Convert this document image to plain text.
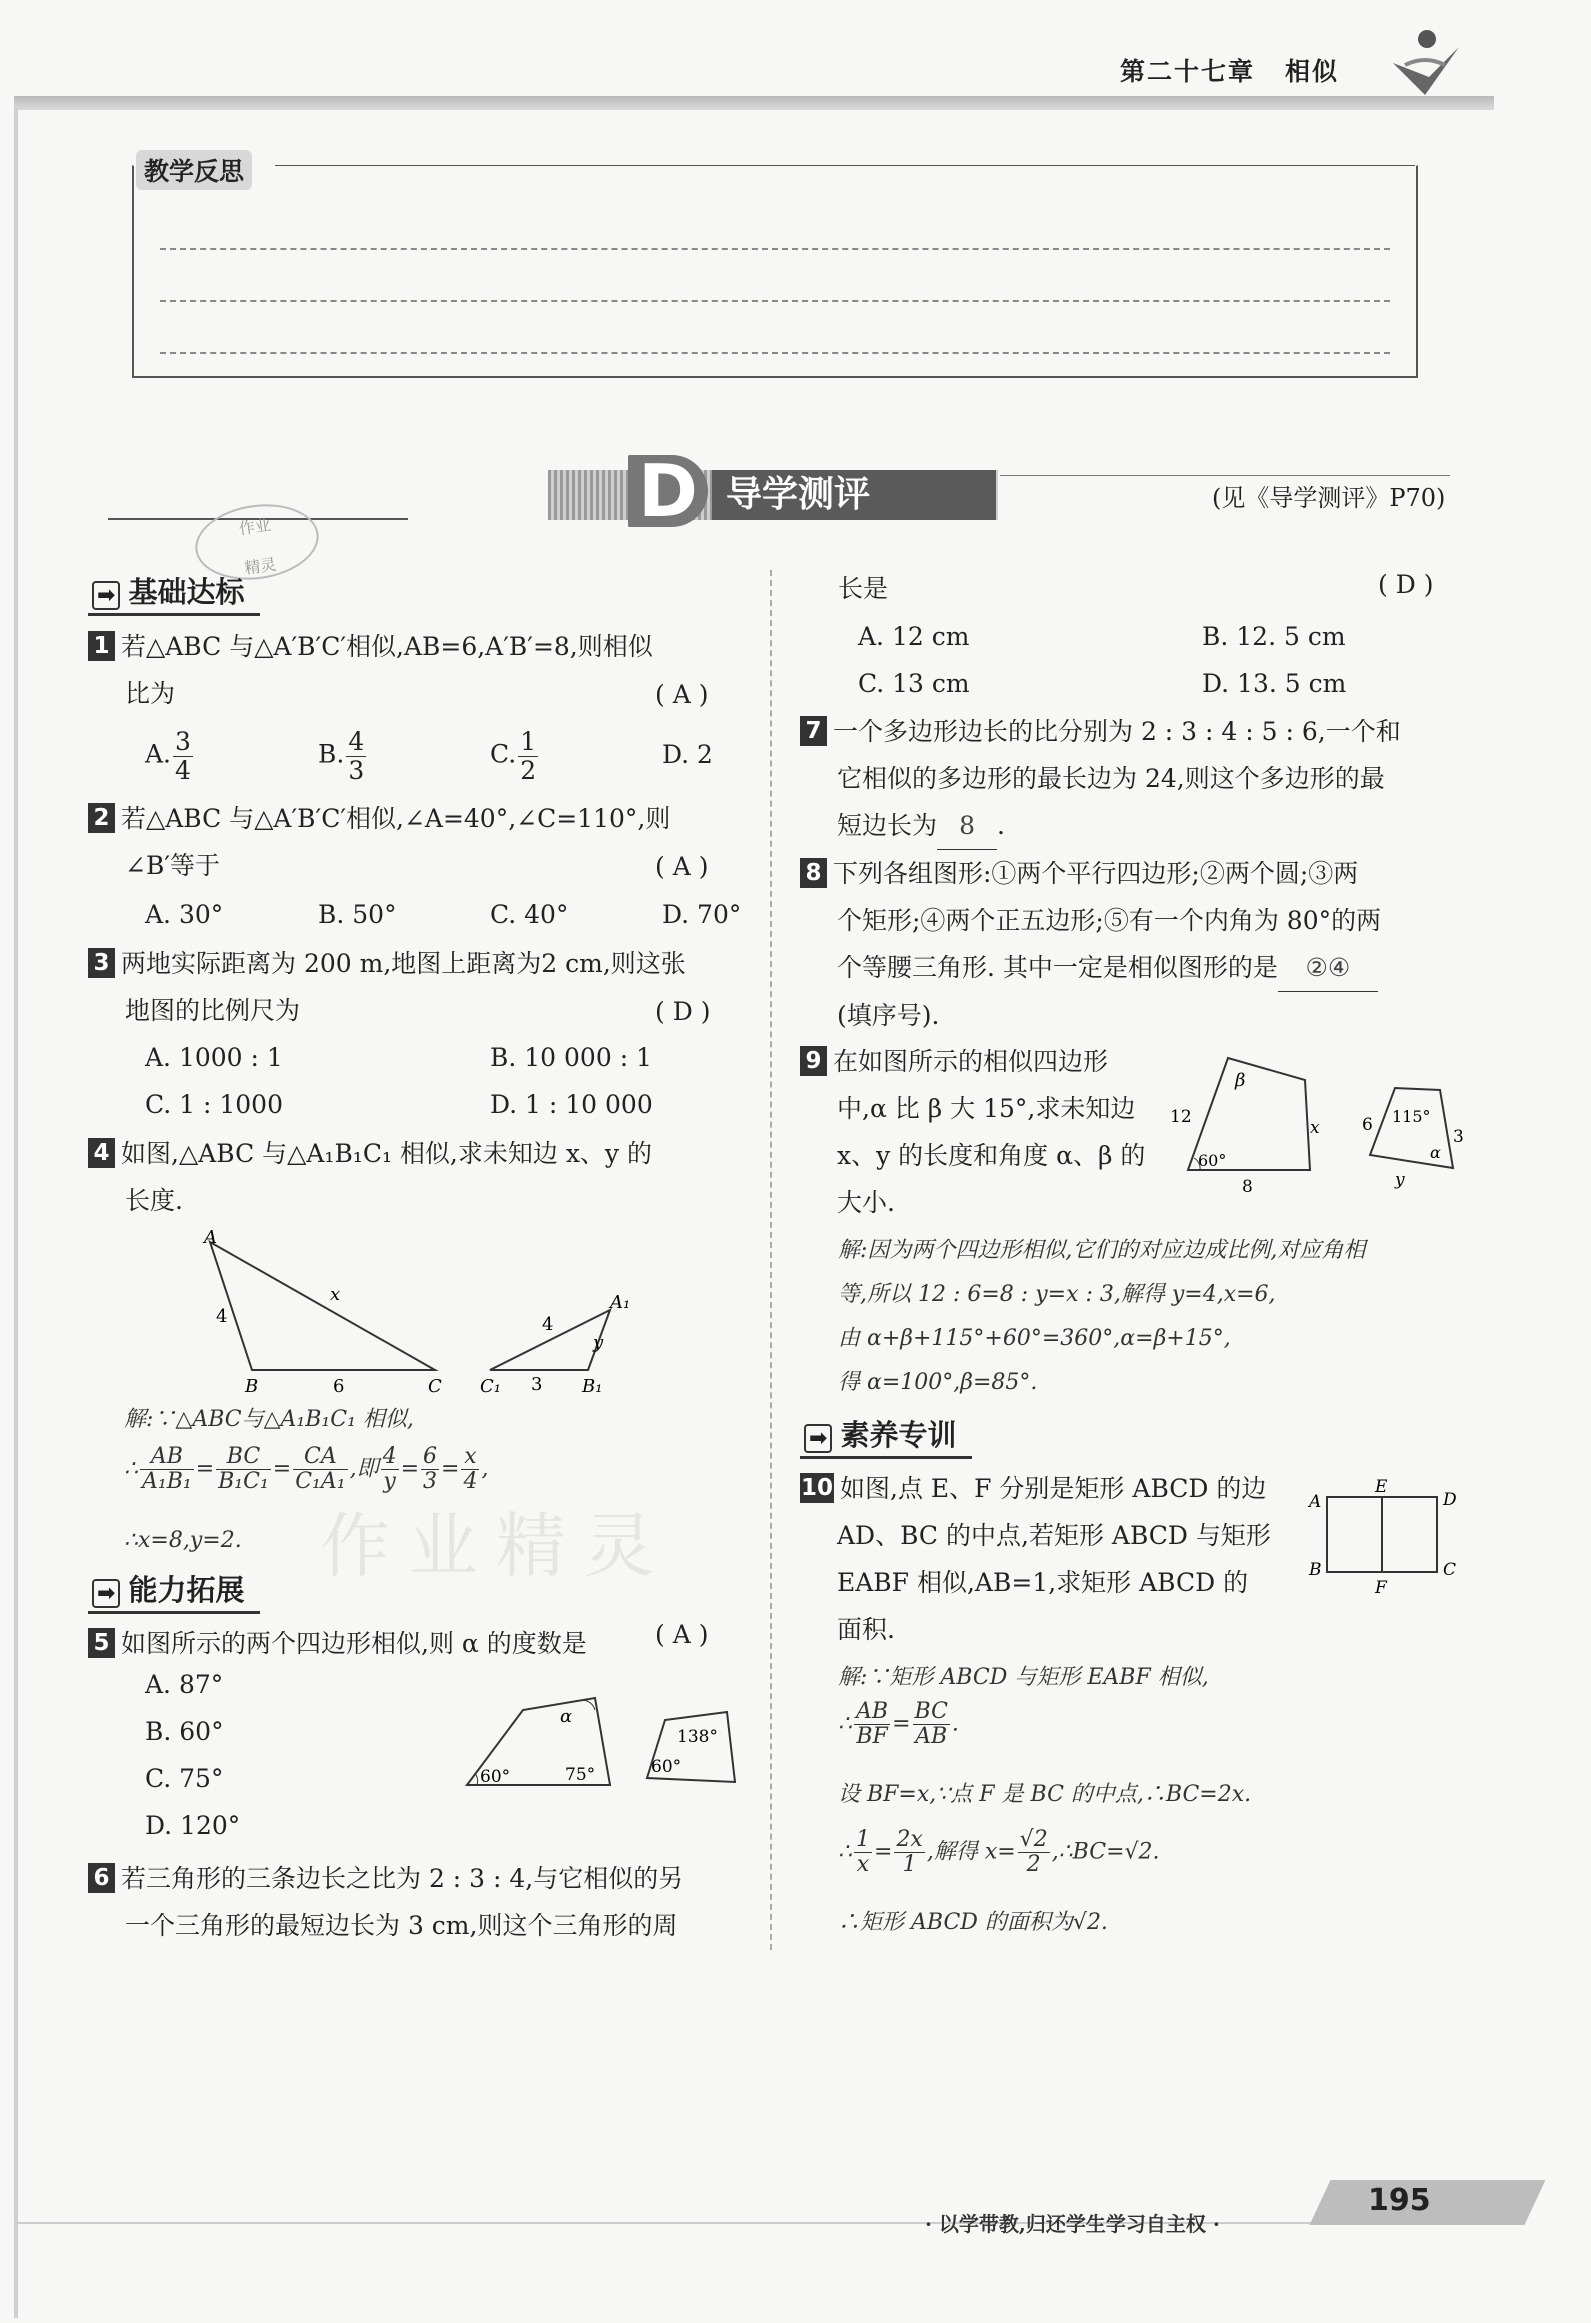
第二十七章 相似
教学反思
D 导学测评	(见《导学测评》P70)
作业
精灵
➡ 基础达标
1 若△ABC 与△A′B′C′相似,AB=6,A′B′=8,则相似
比为	( A )
A. $\frac{3}{4}$	B. $\frac{4}{3}$	C. $\frac{1}{2}$	D. 2
2 若△ABC 与△A′B′C′相似,∠A=40°,∠C=110°,则
∠B′等于	( A )
A. 30°	B. 50°	C. 40°	D. 70°
3 两地实际距离为 200 m,地图上距离为2 cm,则这张
地图的比例尺为	( D )
A. 1000 : 1	B. 10 000 : 1
C. 1 : 1000	D. 1 : 10 000
4 如图,△ABC 与△A₁B₁C₁ 相似,求未知边 x、y 的
长度.
A
B	C
4
6
x	A₁
C₁	B₁
4
3
y
解:∵△ABC与△A₁B₁C₁ 相似,
∴ $\frac{AB}{\text{A₁B₁}} = \frac{BC}{\text{B₁C₁}} = \frac{CA}{\text{C₁A₁}}$ ,即 $\frac{4}{y} = \frac{6}{3} = \frac{x}{4}$ ,
∴x=8,y=2.
➡ 能力拓展
5 如图所示的两个四边形相似,则 α 的度数是	( A )
A. 87°
B. 60°
C. 75°
D. 120°
α
60°	75°
138°
60°
6 若三角形的三条边长之比为 2 : 3 : 4,与它相似的另
一个三角形的最短边长为 3 cm,则这个三角形的周
长是	( D )
A. 12 cm	B. 12. 5 cm
C. 13 cm	D. 13. 5 cm
7 一个多边形边长的比分别为 2 : 3 : 4 : 5 : 6,一个和
它相似的多边形的最长边为 24,则这个多边形的最
短边长为 8 .
8 下列各组图形:①两个平行四边形;②两个圆;③两
个矩形;④两个正五边形;⑤有一个内角为 80°的两
个等腰三角形. 其中一定是相似图形的是 ②④
(填序号).
9 在如图所示的相似四边形
中,α 比 β 大 15°,求未知边
x、y 的长度和角度 α、β 的
大小.
β
12
x
60°
8
6 115°
α
3
y
解:因为两个四边形相似,它们的对应边成比例,对应角相
等,所以 12 : 6=8 : y=x : 3,解得 y=4,x=6,
由 α+β+115°+60°=360°,α=β+15°,
得 α=100°,β=85°.
➡ 素养专训
10 如图,点 E、F 分别是矩形 ABCD 的边
AD、BC 的中点,若矩形 ABCD 与矩形
EABF 相似,AB=1,求矩形 ABCD 的
面积.
A
E
D
B
F
C
解:∵矩形 ABCD 与矩形 EABF 相似,
∴ $\frac{AB}{BF} = \frac{BC}{AB}$ .
设 BF=x,∵点 F 是 BC 的中点,∴BC=2x.
∴ $\frac{1}{x} = \frac{2x}{1}$ ,解得 $x= \frac{√2}{2}$ ,∴BC=√2.
∴矩形 ABCD 的面积为√2.
作业精灵
· 以学带教,归还学生学习自主权 ·
195
